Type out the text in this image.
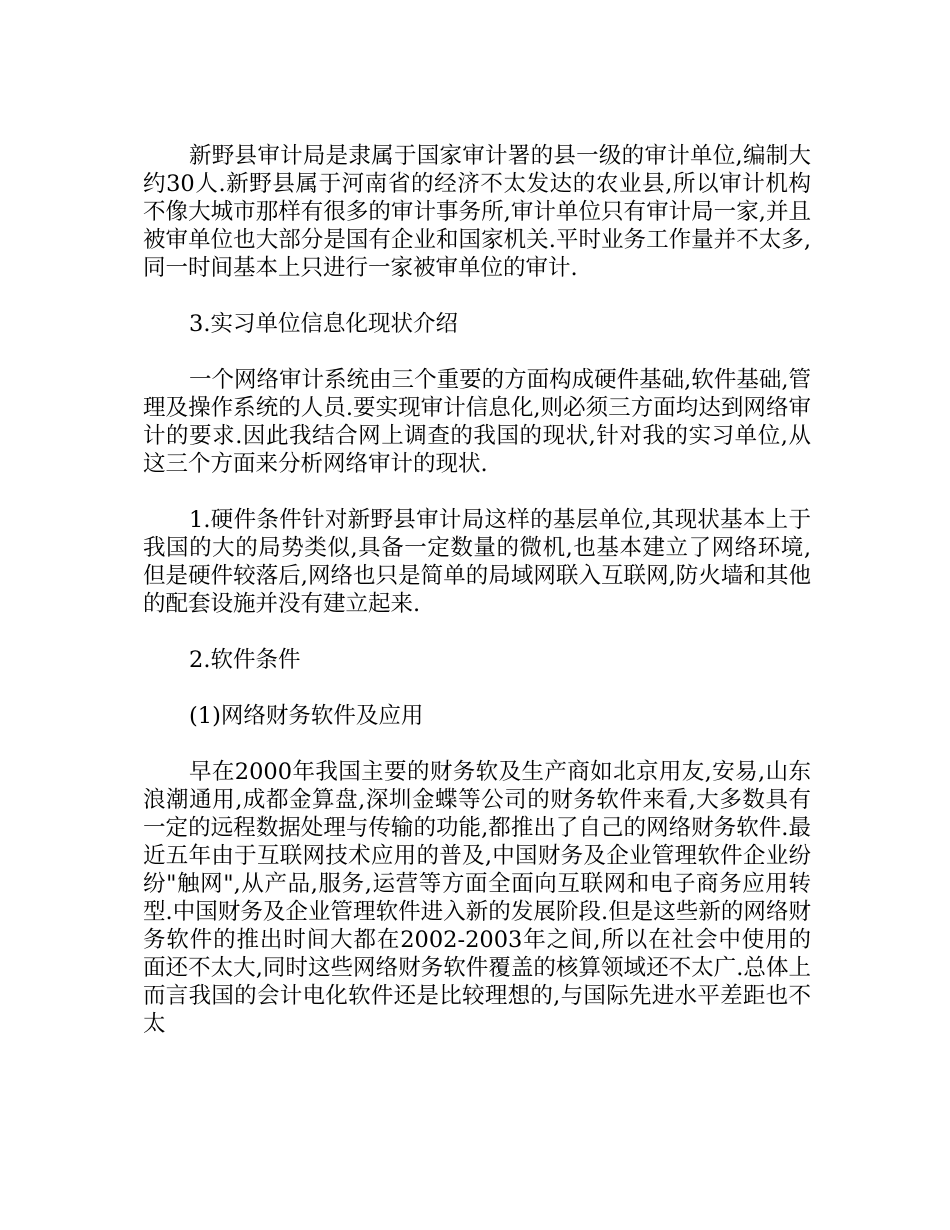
新野县审计局是隶属于国家审计署的县一级的审计单位,编制大约30人.新野县属于河南省的经济不太发达的农业县,所以审计机构不像大城市那样有很多的审计事务所,审计单位只有审计局一家,并且被审单位也大部分是国有企业和国家机关.平时业务工作量并不太多,同一时间基本上只进行一家被审单位的审计.

3.实习单位信息化现状介绍

一个网络审计系统由三个重要的方面构成硬件基础,软件基础,管理及操作系统的人员.要实现审计信息化,则必须三方面均达到网络审计的要求.因此我结合网上调查的我国的现状,针对我的实习单位,从这三个方面来分析网络审计的现状.

1.硬件条件针对新野县审计局这样的基层单位,其现状基本上于我国的大的局势类似,具备一定数量的微机,也基本建立了网络环境,但是硬件较落后,网络也只是简单的局域网联入互联网,防火墙和其他的配套设施并没有建立起来.

2.软件条件

(1)网络财务软件及应用

早在2000年我国主要的财务软及生产商如北京用友,安易,山东浪潮通用,成都金算盘,深圳金蝶等公司的财务软件来看,大多数具有一定的远程数据处理与传输的功能,都推出了自己的网络财务软件.最近五年由于互联网技术应用的普及,中国财务及企业管理软件企业纷纷"触网",从产品,服务,运营等方面全面向互联网和电子商务应用转型.中国财务及企业管理软件进入新的发展阶段.但是这些新的网络财务软件的推出时间大都在2002-2003年之间,所以在社会中使用的面还不太大,同时这些网络财务软件覆盖的核算领域还不太广.总体上而言我国的会计电化软件还是比较理想的,与国际先进水平差距也不太
